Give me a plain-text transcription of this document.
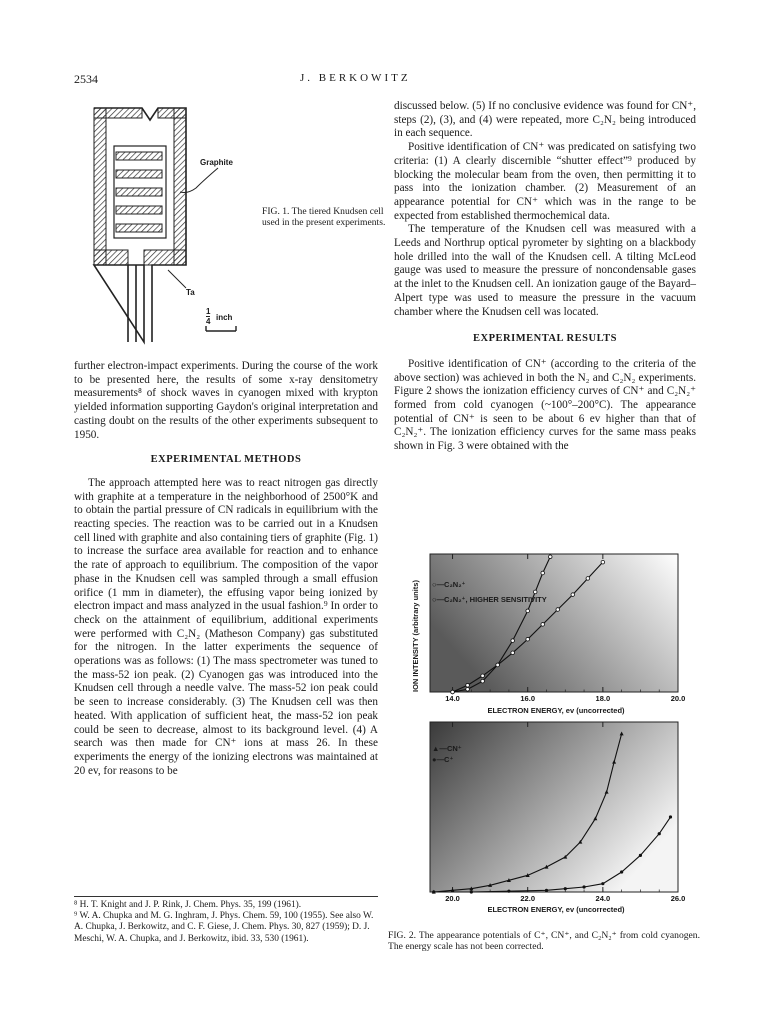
2534	J. BERKOWITZ
Graphite
Ta
1
4 inch
FIG. 1. The tiered Knudsen cell used in the present experiments.

further electron-impact experiments. During the course of the work to be presented here, the results of some x-ray densitometry measurements⁸ of shock waves in cyanogen mixed with krypton yielded information supporting Gaydon's original interpretation and casting doubt on the results of the other experiments subsequent to 1950.

EXPERIMENTAL METHODS

The approach attempted here was to react nitrogen gas directly with graphite at a temperature in the neighborhood of 2500°K and to obtain the partial pressure of CN radicals in equilibrium with the reacting species. The reaction was to be carried out in a Knudsen cell lined with graphite and also containing tiers of graphite (Fig. 1) to increase the surface area available for reaction and to enhance the rate of approach to equilibrium. The composition of the vapor phase in the Knudsen cell was sampled through a small effusion orifice (1 mm in diameter), the effusing vapor being ionized by electron impact and mass analyzed in the usual fashion.⁹ In order to check on the attainment of equilibrium, additional experiments were performed with C₂N₂ (Matheson Company) gas substituted for the nitrogen. In the latter experiments the sequence of operations was as follows: (1) The mass spectrometer was tuned to the mass-52 ion peak. (2) Cyanogen gas was introduced into the Knudsen cell through a needle valve. The mass-52 ion peak could be seen to increase considerably. (3) The Knudsen cell was then heated. With application of sufficient heat, the mass-52 ion peak could be seen to decrease, almost to its background level. (4) A search was then made for CN⁺ ions at mass 26. In these experiments the energy of the ionizing electrons was maintained at 20 ev, for reasons to be

⁸ H. T. Knight and J. P. Rink, J. Chem. Phys. 35, 199 (1961).

⁹ W. A. Chupka and M. G. Inghram, J. Phys. Chem. 59, 100 (1955). See also W. A. Chupka, J. Berkowitz, and C. F. Giese, J. Chem. Phys. 30, 827 (1959); D. J. Meschi, W. A. Chupka, and J. Berkowitz, ibid. 33, 530 (1961).

discussed below. (5) If no conclusive evidence was found for CN⁺, steps (2), (3), and (4) were repeated, more C₂N₂ being introduced in each sequence.

Positive identification of CN⁺ was predicated on satisfying two criteria: (1) A clearly discernible “shutter effect”⁹ produced by blocking the molecular beam from the oven, then permitting it to pass into the ionization chamber. (2) Measurement of an appearance potential for CN⁺ which was in the range to be expected from established thermochemical data.

The temperature of the Knudsen cell was measured with a Leeds and Northrup optical pyrometer by sighting on a blackbody hole drilled into the wall of the Knudsen cell. A tilting McLeod gauge was used to measure the pressure of noncondensable gases at the inlet to the Knudsen cell. An ionization gauge of the Bayard–Alpert type was used to measure the pressure in the vacuum chamber where the Knudsen cell was located.

EXPERIMENTAL RESULTS

Positive identification of CN⁺ (according to the criteria of the above section) was achieved in both the N₂ and C₂N₂ experiments. Figure 2 shows the ionization efficiency curves of CN⁺ and C₂N₂⁺ formed from cold cyanogen (~100°–200°C). The appearance potential of CN⁺ is seen to be about 6 ev higher than that of C₂N₂⁺. The ionization efficiency curves for the same mass peaks shown in Fig. 3 were obtained with the

14.0	16.0	18.0	20.0
20.0	22.0	24.0	26.0
ELECTRON ENERGY, ev (uncorrected)
ELECTRON ENERGY, ev (uncorrected)
ION INTENSITY (arbitrary units) ○—C₂N₂⁺
○—C₂N₂⁺, HIGHER SENSITIVITY
▲—CN⁺
●—C⁺
FIG. 2. The appearance potentials of C⁺, CN⁺, and C₂N₂⁺ from cold cyanogen. The energy scale has not been corrected.
